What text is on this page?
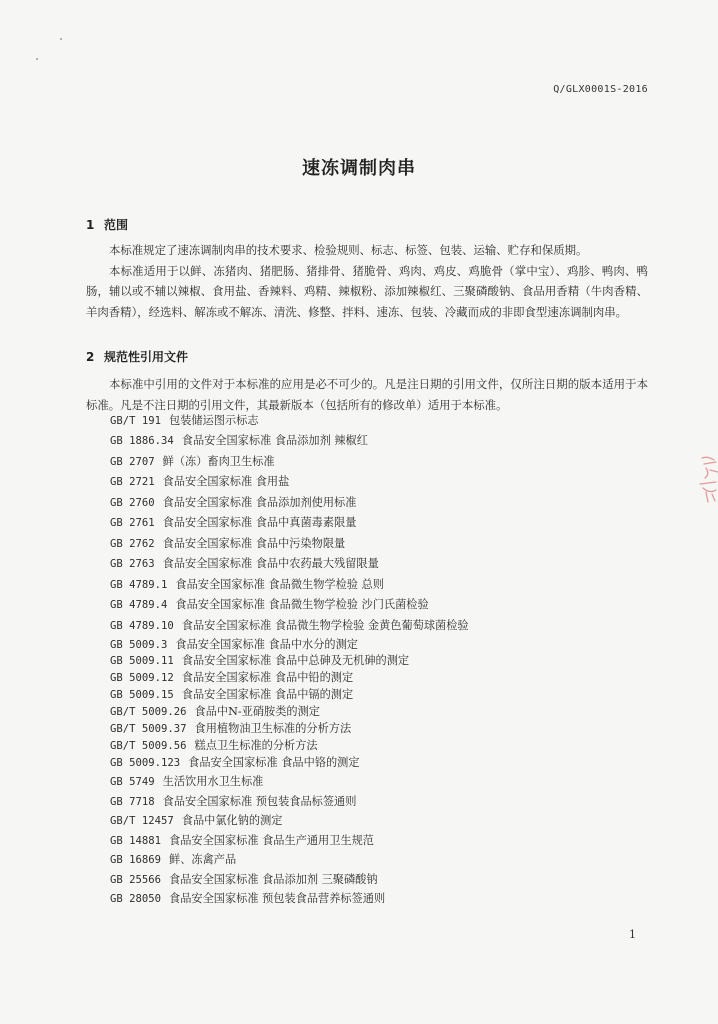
Q/GLX0001S-2016
速冻调制肉串
1 范围

本标准规定了速冻调制肉串的技术要求、检验规则、标志、标签、包装、运输、贮存和保质期。

本标准适用于以鲜、冻猪肉、猪肥肠、猪排骨、猪脆骨、鸡肉、鸡皮、鸡脆骨（掌中宝）、鸡胗、鸭肉、鸭肠，辅以或不辅以辣椒、食用盐、香辣料、鸡精、辣椒粉、添加辣椒红、三聚磷酸钠、食品用香精（牛肉香精、羊肉香精），经选料、解冻或不解冻、清洗、修整、拌料、速冻、包装、冷藏而成的非即食型速冻调制肉串。

2 规范性引用文件

本标准中引用的文件对于本标准的应用是必不可少的。凡是注日期的引用文件，仅所注日期的版本适用于本标准。凡是不注日期的引用文件，其最新版本（包括所有的修改单）适用于本标准。

GB/T 191 包装储运图示标志
GB 1886.34 食品安全国家标准 食品添加剂 辣椒红
GB 2707 鲜（冻）畜肉卫生标准
GB 2721 食品安全国家标准 食用盐
GB 2760 食品安全国家标准 食品添加剂使用标准
GB 2761 食品安全国家标准 食品中真菌毒素限量
GB 2762 食品安全国家标准 食品中污染物限量
GB 2763 食品安全国家标准 食品中农药最大残留限量
GB 4789.1 食品安全国家标准 食品微生物学检验 总则
GB 4789.4 食品安全国家标准 食品微生物学检验 沙门氏菌检验
GB 4789.10 食品安全国家标准 食品微生物学检验 金黄色葡萄球菌检验
GB 5009.3 食品安全国家标准 食品中水分的测定
GB 5009.11 食品安全国家标准 食品中总砷及无机砷的测定
GB 5009.12 食品安全国家标准 食品中铅的测定
GB 5009.15 食品安全国家标准 食品中镉的测定
GB/T 5009.26 食品中N-亚硝胺类的测定
GB/T 5009.37 食用植物油卫生标准的分析方法
GB/T 5009.56 糕点卫生标准的分析方法
GB 5009.123 食品安全国家标准 食品中铬的测定
GB 5749 生活饮用水卫生标准
GB 7718 食品安全国家标准 预包装食品标签通则
GB/T 12457 食品中氯化钠的测定
GB 14881 食品安全国家标准 食品生产通用卫生规范
GB 16869 鲜、冻禽产品
GB 25566 食品安全国家标准 食品添加剂 三聚磷酸钠
GB 28050 食品安全国家标准 预包装食品营养标签通则
1
